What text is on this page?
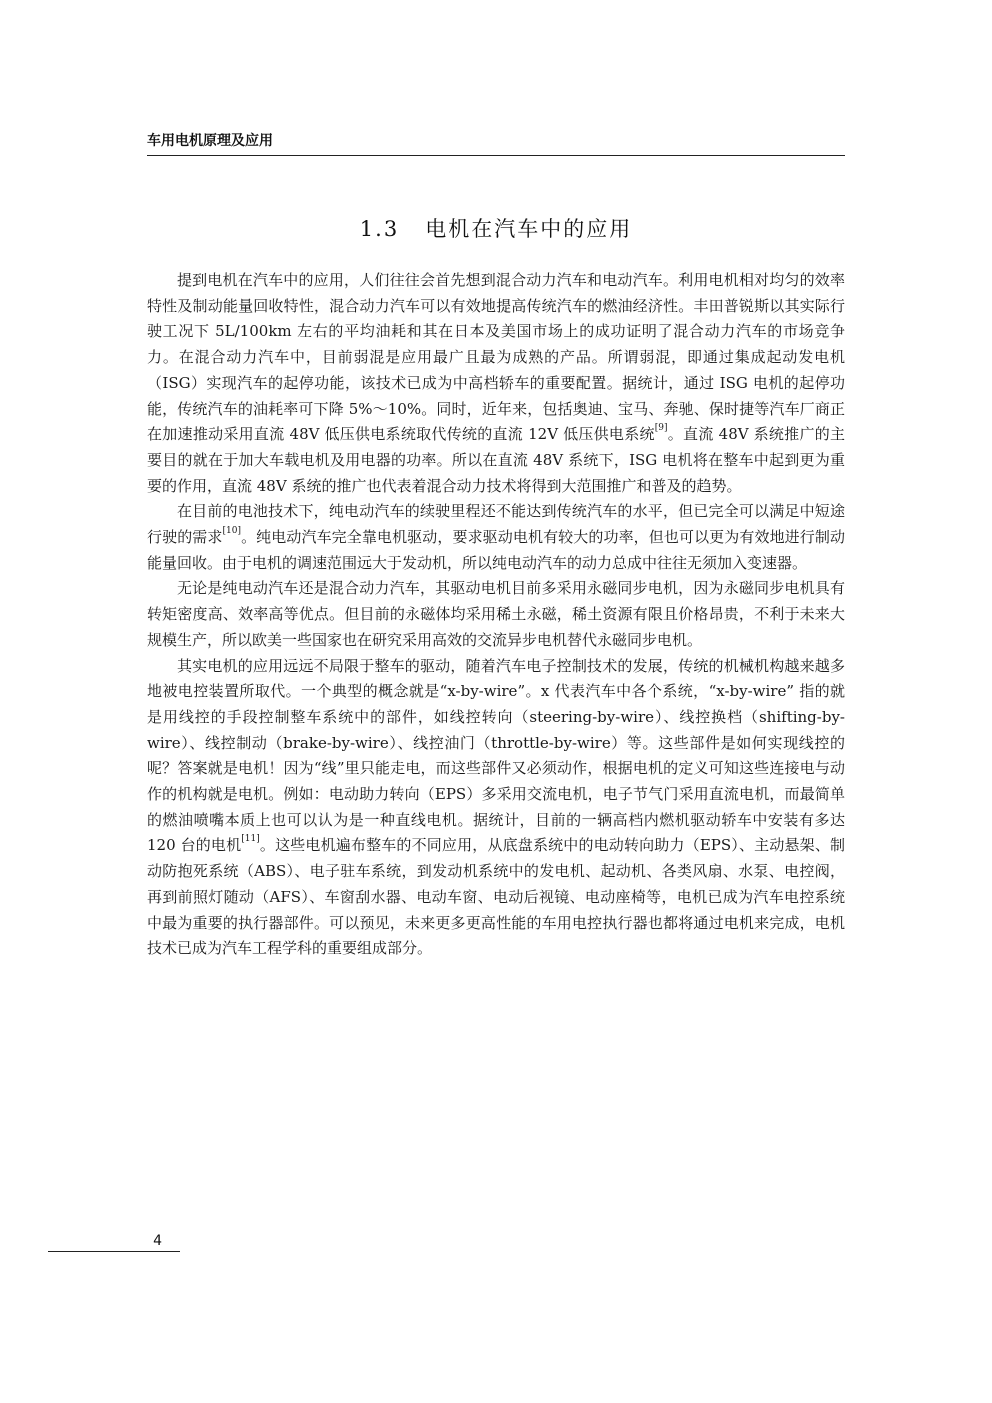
车用电机原理及应用
1.3 电机在汽车中的应用

提到电机在汽车中的应用，人们往往会首先想到混合动力汽车和电动汽车。利用电机相对均匀的效率特性及制动能量回收特性，混合动力汽车可以有效地提高传统汽车的燃油经济性。丰田普锐斯以其实际行驶工况下 5L/100km 左右的平均油耗和其在日本及美国市场上的成功证明了混合动力汽车的市场竞争力。在混合动力汽车中，目前弱混是应用最广且最为成熟的产品。所谓弱混，即通过集成起动发电机（ISG）实现汽车的起停功能，该技术已成为中高档轿车的重要配置。据统计，通过 ISG 电机的起停功能，传统汽车的油耗率可下降 5%～10%。同时，近年来，包括奥迪、宝马、奔驰、保时捷等汽车厂商正在加速推动采用直流 48V 低压供电系统取代传统的直流 12V 低压供电系统[9]。直流 48V 系统推广的主要目的就在于加大车载电机及用电器的功率。所以在直流 48V 系统下，ISG 电机将在整车中起到更为重要的作用，直流 48V 系统的推广也代表着混合动力技术将得到大范围推广和普及的趋势。

在目前的电池技术下，纯电动汽车的续驶里程还不能达到传统汽车的水平，但已完全可以满足中短途行驶的需求[10]。纯电动汽车完全靠电机驱动，要求驱动电机有较大的功率，但也可以更为有效地进行制动能量回收。由于电机的调速范围远大于发动机，所以纯电动汽车的动力总成中往往无须加入变速器。

无论是纯电动汽车还是混合动力汽车，其驱动电机目前多采用永磁同步电机，因为永磁同步电机具有转矩密度高、效率高等优点。但目前的永磁体均采用稀土永磁，稀土资源有限且价格昂贵，不利于未来大规模生产，所以欧美一些国家也在研究采用高效的交流异步电机替代永磁同步电机。

其实电机的应用远远不局限于整车的驱动，随着汽车电子控制技术的发展，传统的机械机构越来越多地被电控装置所取代。一个典型的概念就是“x-by-wire”。x 代表汽车中各个系统，“x-by-wire” 指的就是用线控的手段控制整车系统中的部件，如线控转向（steering-by-wire）、线控换档（shifting-by-wire）、线控制动（brake-by-wire）、线控油门（throttle-by-wire）等。这些部件是如何实现线控的呢？答案就是电机！因为“线”里只能走电，而这些部件又必须动作，根据电机的定义可知这些连接电与动作的机构就是电机。例如：电动助力转向（EPS）多采用交流电机，电子节气门采用直流电机，而最简单的燃油喷嘴本质上也可以认为是一种直线电机。据统计，目前的一辆高档内燃机驱动轿车中安装有多达 120 台的电机[11]。这些电机遍布整车的不同应用，从底盘系统中的电动转向助力（EPS）、主动悬架、制动防抱死系统（ABS）、电子驻车系统，到发动机系统中的发电机、起动机、各类风扇、水泵、电控阀，再到前照灯随动（AFS）、车窗刮水器、电动车窗、电动后视镜、电动座椅等，电机已成为汽车电控系统中最为重要的执行器部件。可以预见，未来更多更高性能的车用电控执行器也都将通过电机来完成，电机技术已成为汽车工程学科的重要组成部分。

4
